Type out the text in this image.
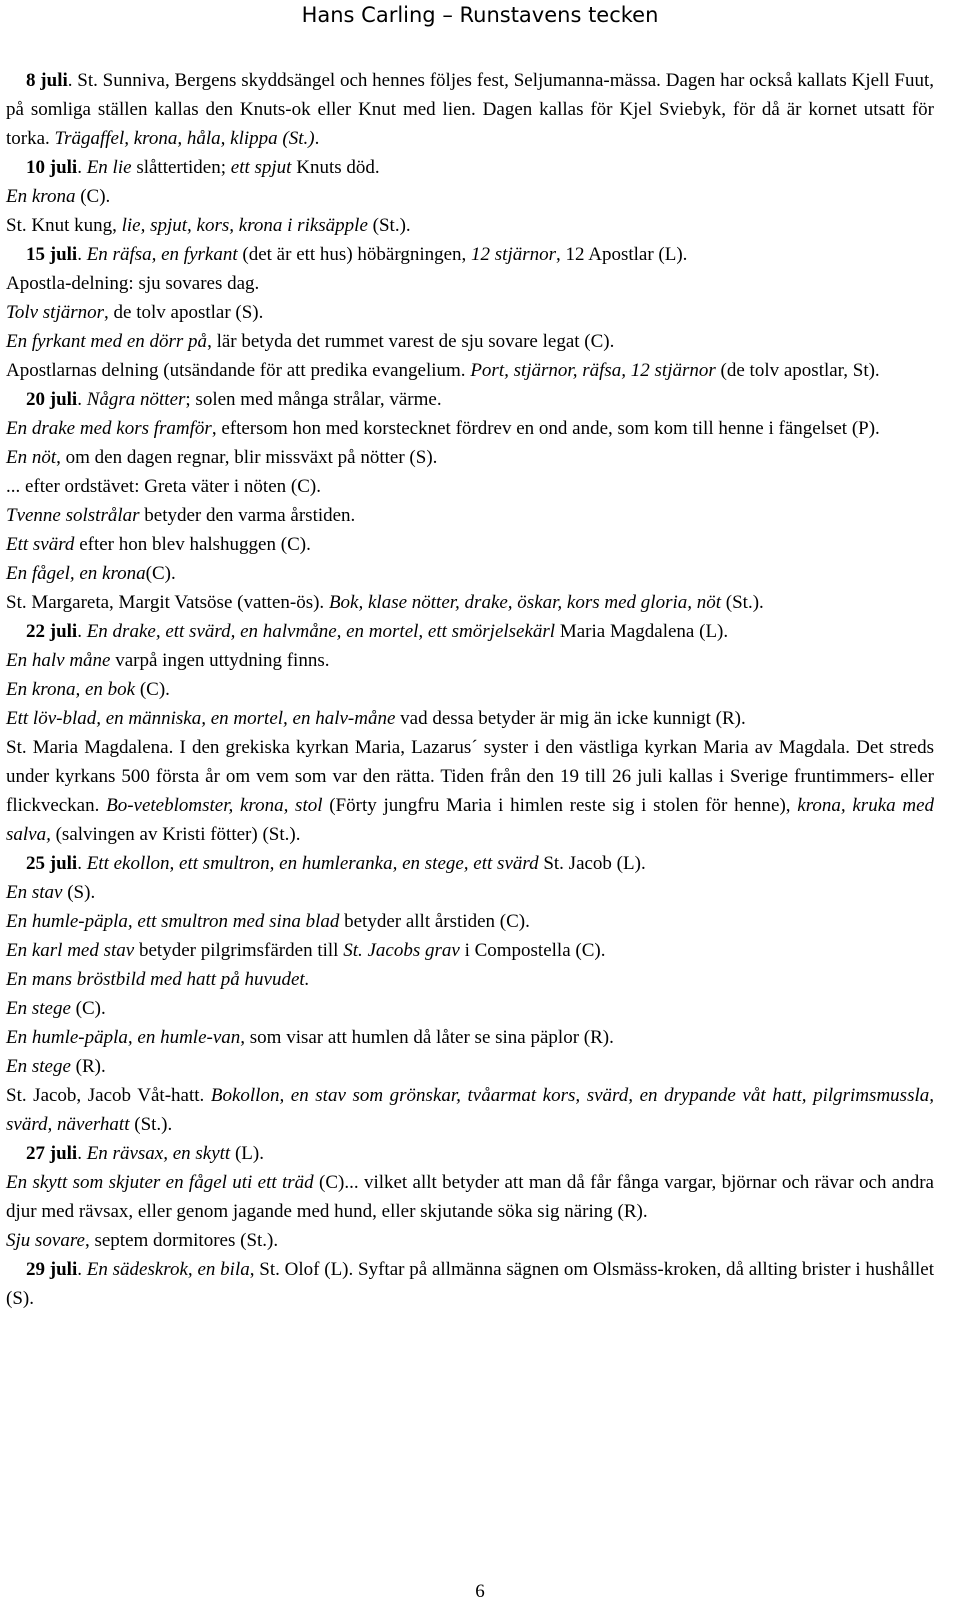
Hans Carling – Runstavens tecken

8 juli. St. Sunniva, Bergens skyddsängel och hennes följes fest, Seljumanna-mässa. Dagen har också kallats Kjell Fuut, på somliga ställen kallas den Knuts-ok eller Knut med lien. Dagen kallas för Kjel Sviebyk, för då är kornet utsatt för torka. Trägaffel, krona, håla, klippa (St.).

10 juli. En lie slåttertiden; ett spjut Knuts död.

En krona (C).

St. Knut kung, lie, spjut, kors, krona i riksäpple (St.).

15 juli. En räfsa, en fyrkant (det är ett hus) höbärgningen, 12 stjärnor, 12 Apostlar (L).

Apostla-delning: sju sovares dag.

Tolv stjärnor, de tolv apostlar (S).

En fyrkant med en dörr på, lär betyda det rummet varest de sju sovare legat (C).

Apostlarnas delning (utsändande för att predika evangelium. Port, stjärnor, räfsa, 12 stjärnor (de tolv apostlar, St).

20 juli. Några nötter; solen med många strålar, värme.

En drake med kors framför, eftersom hon med korstecknet fördrev en ond ande, som kom till henne i fängelset (P).

En nöt, om den dagen regnar, blir missväxt på nötter (S).

... efter ordstävet: Greta väter i nöten (C).

Tvenne solstrålar betyder den varma årstiden.

Ett svärd efter hon blev halshuggen (C).

En fågel, en krona(C).

St. Margareta, Margit Vatsöse (vatten-ös). Bok, klase nötter, drake, öskar, kors med gloria, nöt (St.).

22 juli. En drake, ett svärd, en halvmåne, en mortel, ett smörjelsekärl Maria Magdalena (L).

En halv måne varpå ingen uttydning finns.

En krona, en bok (C).

Ett löv-blad, en människa, en mortel, en halv-måne vad dessa betyder är mig än icke kunnigt (R).

St. Maria Magdalena. I den grekiska kyrkan Maria, Lazarus´ syster i den västliga kyrkan Maria av Magdala. Det streds under kyrkans 500 första år om vem som var den rätta. Tiden från den 19 till 26 juli kallas i Sverige fruntimmers- eller flickveckan. Bo-veteblomster, krona, stol (Förty jungfru Maria i himlen reste sig i stolen för henne), krona, kruka med salva, (salvingen av Kristi fötter) (St.).

25 juli. Ett ekollon, ett smultron, en humleranka, en stege, ett svärd St. Jacob (L).

En stav (S).

En humle-päpla, ett smultron med sina blad betyder allt årstiden (C).

En karl med stav betyder pilgrimsfärden till St. Jacobs grav i Compostella (C).

En mans bröstbild med hatt på huvudet.

En stege (C).

En humle-päpla, en humle-van, som visar att humlen då låter se sina päplor (R).

En stege (R).

St. Jacob, Jacob Våt-hatt. Bokollon, en stav som grönskar, tvåarmat kors, svärd, en drypande våt hatt, pilgrimsmussla, svärd, näverhatt (St.).

27 juli. En rävsax, en skytt (L).

En skytt som skjuter en fågel uti ett träd (C)... vilket allt betyder att man då får fånga vargar, björnar och rävar och andra djur med rävsax, eller genom jagande med hund, eller skjutande söka sig näring (R).

Sju sovare, septem dormitores (St.).

29 juli. En sädeskrok, en bila, St. Olof (L). Syftar på allmänna sägnen om Olsmäss-kroken, då allting brister i hushållet (S).

6
